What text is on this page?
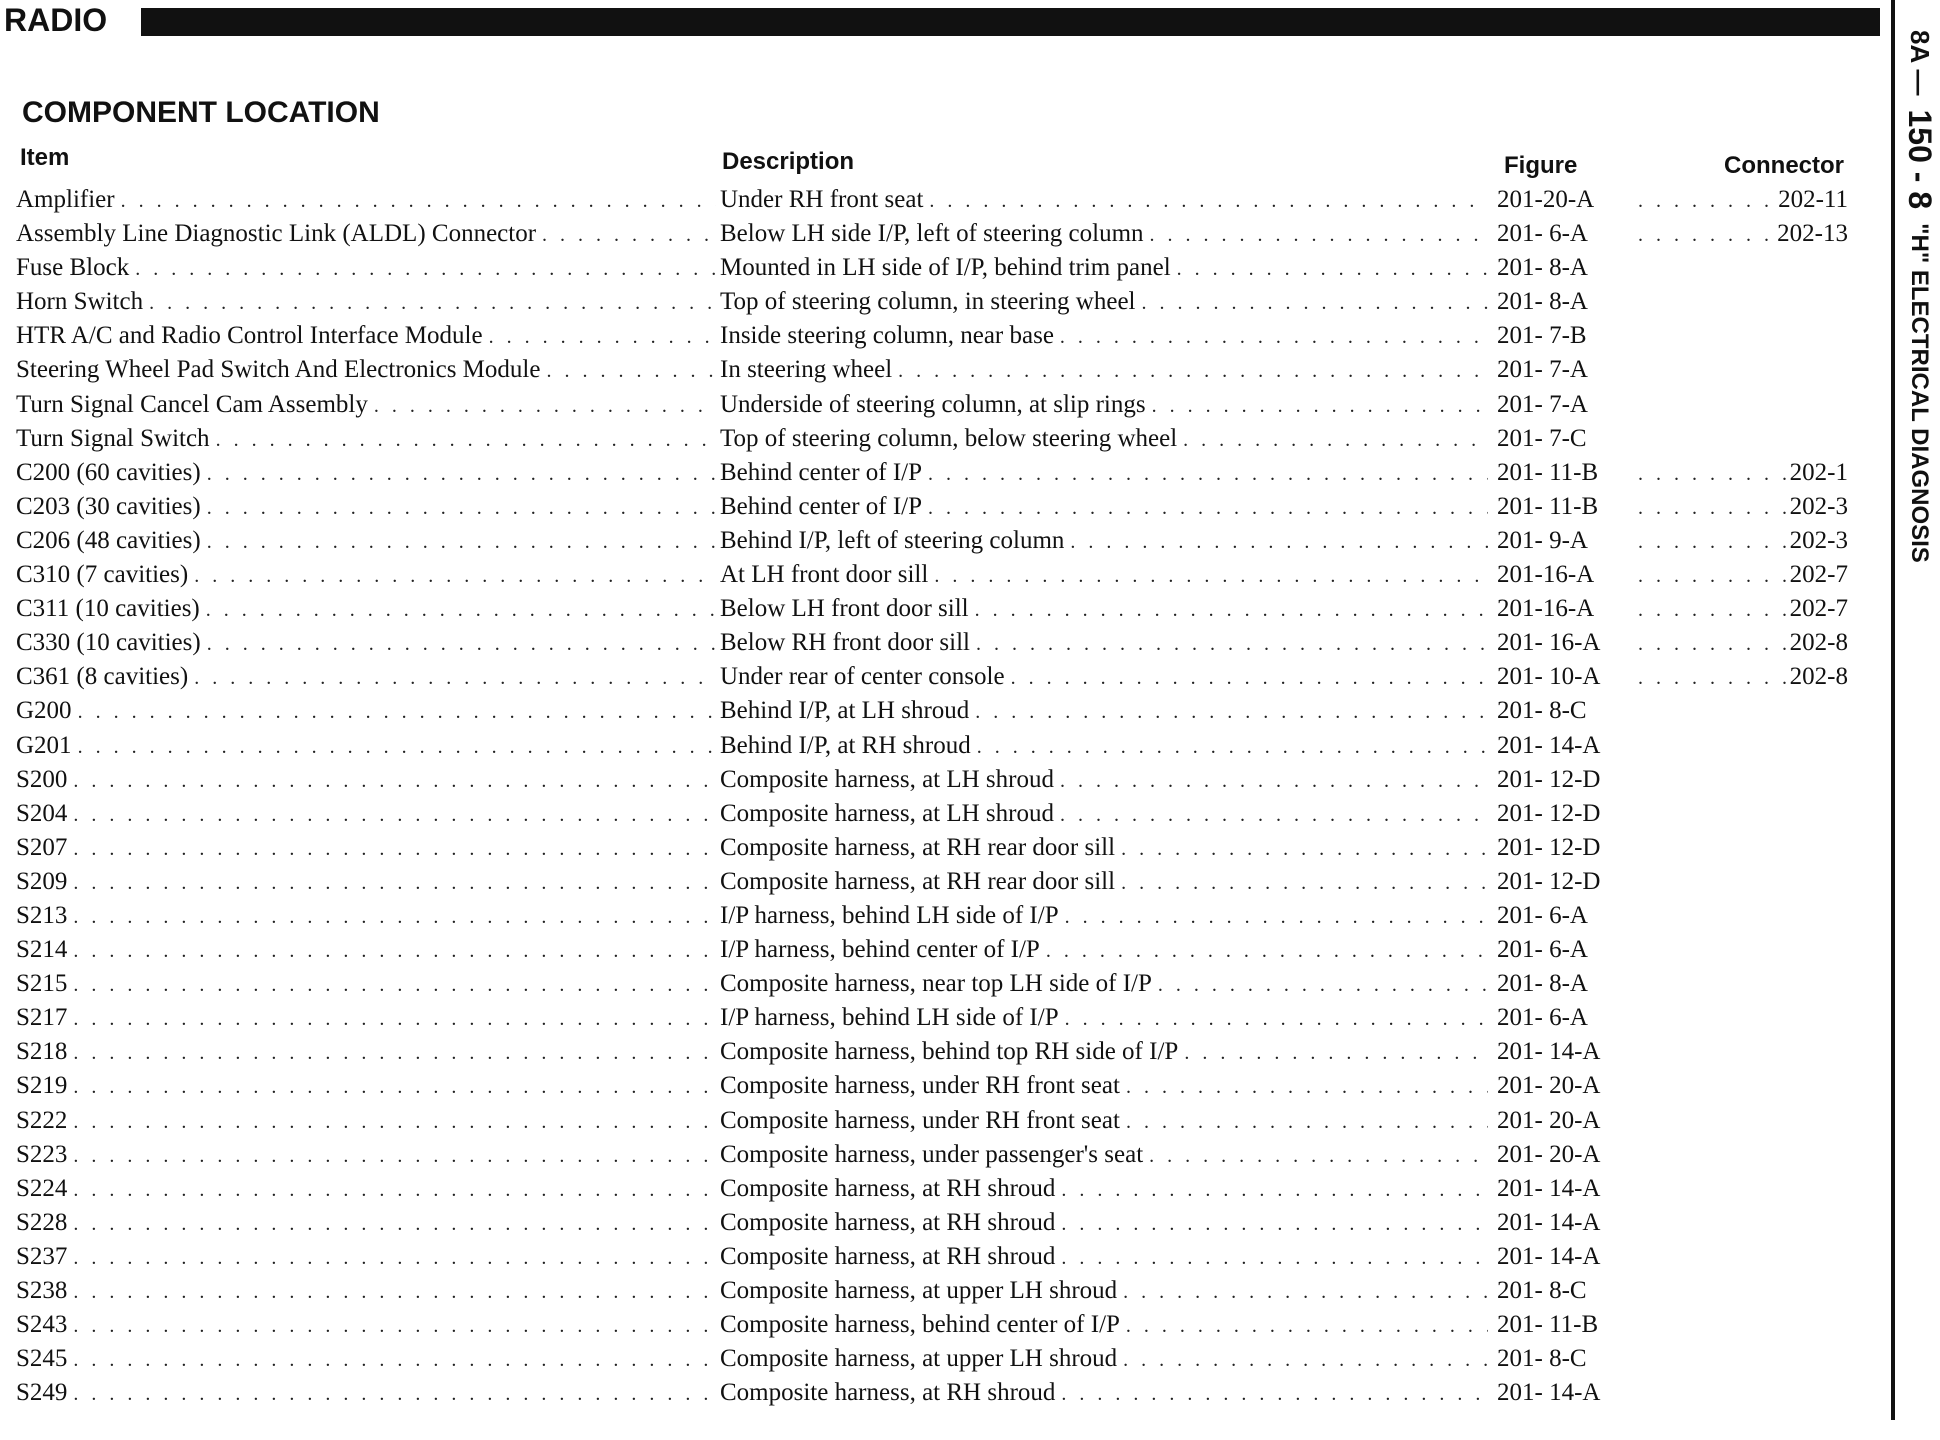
RADIO
COMPONENT LOCATION
Item	Description	Figure	Connector
Amplifier . . .	Under RH front seat . . .	201-20-A . . .	202-11
Assembly Line Diagnostic Link (ALDL) Connector . . .	Below LH side I/P, left of steering column . . .	201- 6-A . . .	202-13
Fuse Block . . .	Mounted in LH side of I/P, behind trim panel . . .	201- 8-A
Horn Switch . . .	Top of steering column, in steering wheel . . .	201- 8-A
HTR A/C and Radio Control Interface Module . . .	Inside steering column, near base . . .	201- 7-B
Steering Wheel Pad Switch And Electronics Module . . .	In steering wheel . . .	201- 7-A
Turn Signal Cancel Cam Assembly . . .	Underside of steering column, at slip rings . . .	201- 7-A
Turn Signal Switch . . .	Top of steering column, below steering wheel . . .	201- 7-C
C200 (60 cavities) . . .	Behind center of I/P . . .	201- 11-B . . .	202-1
C203 (30 cavities) . . .	Behind center of I/P . . .	201- 11-B . . .	202-3
C206 (48 cavities) . . .	Behind I/P, left of steering column . . .	201- 9-A . . .	202-3
C310 (7 cavities) . . .	At LH front door sill . . .	201-16-A . . .	202-7
C311 (10 cavities) . . .	Below LH front door sill . . .	201-16-A . . .	202-7
C330 (10 cavities) . . .	Below RH front door sill . . .	201- 16-A . . .	202-8
C361 (8 cavities) . . .	Under rear of center console . . .	201- 10-A . . .	202-8
G200 . . .	Behind I/P, at LH shroud . . .	201- 8-C
G201 . . .	Behind I/P, at RH shroud . . .	201- 14-A
S200 . . .	Composite harness, at LH shroud . . .	201- 12-D
S204 . . .	Composite harness, at LH shroud . . .	201- 12-D
S207 . . .	Composite harness, at RH rear door sill . . .	201- 12-D
S209 . . .	Composite harness, at RH rear door sill . . .	201- 12-D
S213 . . .	I/P harness, behind LH side of I/P . . .	201- 6-A
S214 . . .	I/P harness, behind center of I/P . . .	201- 6-A
S215 . . .	Composite harness, near top LH side of I/P . . .	201- 8-A
S217 . . .	I/P harness, behind LH side of I/P . . .	201- 6-A
S218 . . .	Composite harness, behind top RH side of I/P . . .	201- 14-A
S219 . . .	Composite harness, under RH front seat . . .	201- 20-A
S222 . . .	Composite harness, under RH front seat . . .	201- 20-A
S223 . . .	Composite harness, under passenger's seat . . .	201- 20-A
S224 . . .	Composite harness, at RH shroud . . .	201- 14-A
S228 . . .	Composite harness, at RH shroud . . .	201- 14-A
S237 . . .	Composite harness, at RH shroud . . .	201- 14-A
S238 . . .	Composite harness, at upper LH shroud . . .	201- 8-C
S243 . . .	Composite harness, behind center of I/P . . .	201- 11-B
S245 . . .	Composite harness, at upper LH shroud . . .	201- 8-C
S249 . . .	Composite harness, at RH shroud . . .	201- 14-A
8A —
150 - 8
"H" ELECTRICAL DIAGNOSIS
